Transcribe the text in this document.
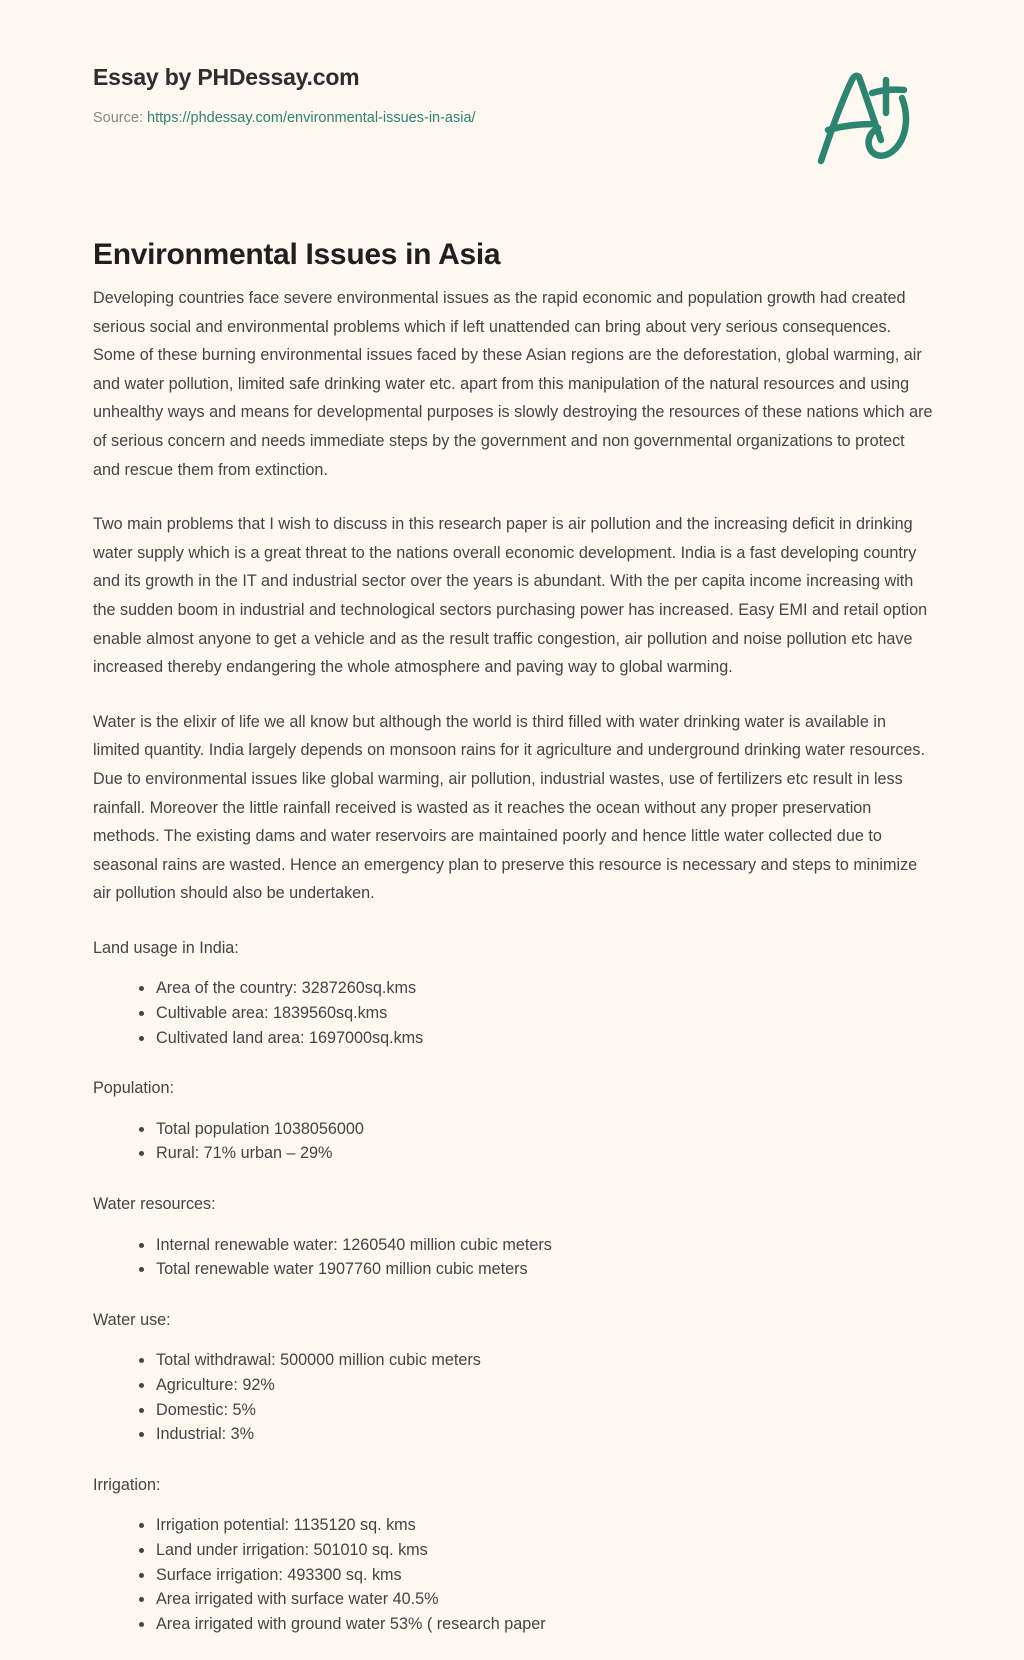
Essay by PHDessay.com
Source: https://phdessay.com/environmental-issues-in-asia/
Environmental Issues in Asia

Developing countries face severe environmental issues as the rapid economic and population growth had created serious social and environmental problems which if left unattended can bring about very serious consequences. Some of these burning environmental issues faced by these Asian regions are the deforestation, global warming, air and water pollution, limited safe drinking water etc. apart from this manipulation of the natural resources and using unhealthy ways and means for developmental purposes is slowly destroying the resources of these nations which are of serious concern and needs immediate steps by the government and non governmental organizations to protect and rescue them from extinction.

Two main problems that I wish to discuss in this research paper is air pollution and the increasing deficit in drinking water supply which is a great threat to the nations overall economic development. India is a fast developing country and its growth in the IT and industrial sector over the years is abundant. With the per capita income increasing with the sudden boom in industrial and technological sectors purchasing power has increased. Easy EMI and retail option enable almost anyone to get a vehicle and as the result traffic congestion, air pollution and noise pollution etc have increased thereby endangering the whole atmosphere and paving way to global warming.

Water is the elixir of life we all know but although the world is third filled with water drinking water is available in limited quantity. India largely depends on monsoon rains for it agriculture and underground drinking water resources. Due to environmental issues like global warming, air pollution, industrial wastes, use of fertilizers etc result in less rainfall. Moreover the little rainfall received is wasted as it reaches the ocean without any proper preservation methods. The existing dams and water reservoirs are maintained poorly and hence little water collected due to seasonal rains are wasted. Hence an emergency plan to preserve this resource is necessary and steps to minimize air pollution should also be undertaken.

Land usage in India:

Area of the country: 3287260sq.kms
Cultivable area: 1839560sq.kms
Cultivated land area: 1697000sq.kms

Population:

Total population 1038056000
Rural: 71% urban – 29%

Water resources:

Internal renewable water: 1260540 million cubic meters
Total renewable water 1907760 million cubic meters

Water use:

Total withdrawal: 500000 million cubic meters
Agriculture: 92%
Domestic: 5%
Industrial: 3%

Irrigation:

Irrigation potential: 1135120 sq. kms
Land under irrigation: 501010 sq. kms
Surface irrigation: 493300 sq. kms
Area irrigated with surface water 40.5%
Area irrigated with ground water 53% ( research paper
